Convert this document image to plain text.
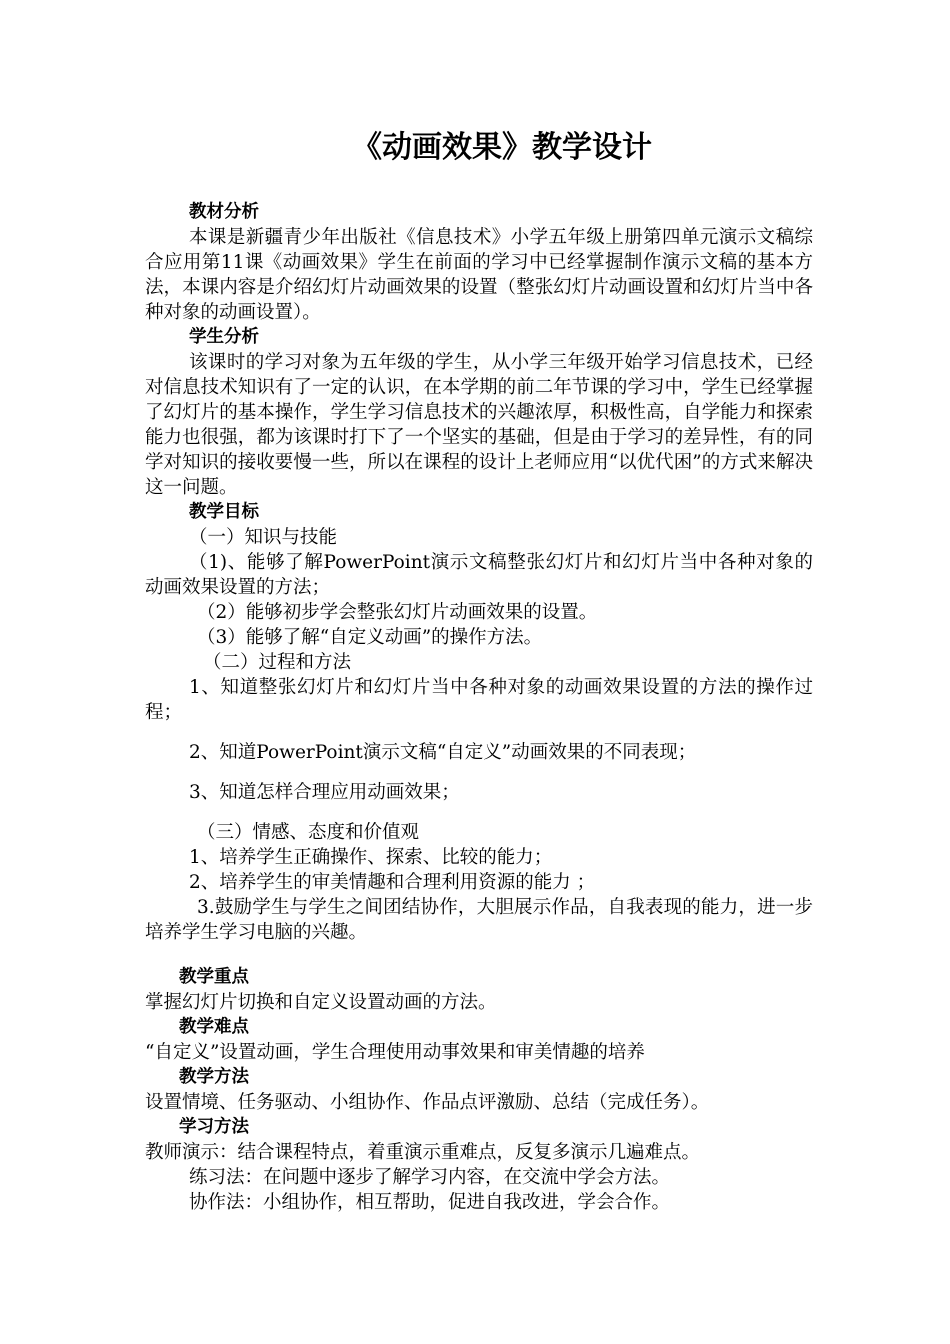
《动画效果》教学设计

教材分析

本课是新疆青少年出版社《信息技术》小学五年级上册第四单元演示文稿综合应用第11课《动画效果》学生在前面的学习中已经掌握制作演示文稿的基本方法，本课内容是介绍幻灯片动画效果的设置（整张幻灯片动画设置和幻灯片当中各种对象的动画设置）。

学生分析

该课时的学习对象为五年级的学生，从小学三年级开始学习信息技术，已经对信息技术知识有了一定的认识，在本学期的前二年节课的学习中，学生已经掌握了幻灯片的基本操作，学生学习信息技术的兴趣浓厚，积极性高，自学能力和探索能力也很强，都为该课时打下了一个坚实的基础，但是由于学习的差异性，有的同学对知识的接收要慢一些，所以在课程的设计上老师应用“以优代困”的方式来解决这一问题。

教学目标

（一）知识与技能

（1)、能够了解PowerPoint演示文稿整张幻灯片和幻灯片当中各种对象的动画效果设置的方法；

（2）能够初步学会整张幻灯片动画效果的设置。

（3）能够了解“自定义动画”的操作方法。

（二）过程和方法

1、知道整张幻灯片和幻灯片当中各种对象的动画效果设置的方法的操作过程；

2、知道PowerPoint演示文稿“自定义”动画效果的不同表现；

3、知道怎样合理应用动画效果；

（三）情感、态度和价值观

1、培养学生正确操作、探索、比较的能力；

2、培养学生的审美情趣和合理利用资源的能力 ；

3.鼓励学生与学生之间团结协作，大胆展示作品，自我表现的能力，进一步培养学生学习电脑的兴趣。

教学重点

掌握幻灯片切换和自定义设置动画的方法。

教学难点

“自定义”设置动画，学生合理使用动事效果和审美情趣的培养

教学方法

设置情境、任务驱动、小组协作、作品点评激励、总结（完成任务）。

学习方法

教师演示：结合课程特点，着重演示重难点，反复多演示几遍难点。

练习法：在问题中逐步了解学习内容，在交流中学会方法。

协作法：小组协作，相互帮助，促进自我改进，学会合作。
